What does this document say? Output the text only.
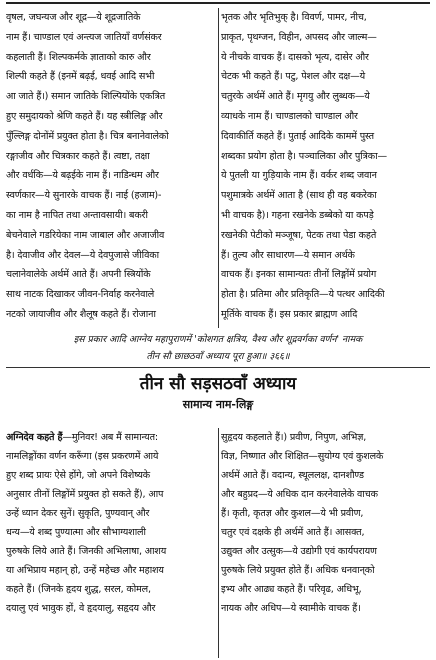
वृषल, जघन्यज और शूद्र—ये शूद्रजातिके
नाम हैं। चाण्डाल एवं अन्त्यज जातियाँ वर्णसंकर
कहलाती हैं। शिल्पकर्मके ज्ञाताको कारु और
शिल्पी कहते हैं (इनमें बढ़ई, धवई आदि सभी
आ जाते हैं।) समान जातिके शिल्पियोंके एकत्रित
हुए समुदायको श्रेणि कहते हैं। यह स्त्रीलिङ्ग और
पुँल्लिङ्ग दोनोंमें प्रयुक्त होता है। चित्र बनानेवालेको
रङ्गाजीव और चित्रकार कहते हैं। त्वष्टा, तक्षा
और वर्धकि—ये बढ़ईके नाम हैं। नाडिन्धम और
स्वर्णकार—ये सुनारके वाचक हैं। नाई (हजाम)-
का नाम है नापित तथा अन्तावसायी। बकरी
बेचनेवाले गडरियेका नाम जाबाल और अजाजीव
है। देवाजीव और देवल—ये देवपुजासे जीविका
चलानेवालेके अर्थमें आते हैं। अपनी स्त्रियोंके
साथ नाटक दिखाकर जीवन-निर्वाह करनेवाले
नटको जायाजीव और शैलूष कहते हैं। रोजाना
भृतक और भृतिभुक् है। विवर्ण, पामर, नीच,
प्राकृत, पृथग्जन, विहीन, अपसद और जाल्म—
ये नीचके वाचक हैं। दासको भृत्य, दासेर और
चेटक भी कहते हैं। पटु, पेशल और दक्ष—ये
चतुरके अर्थमें आते हैं। मृगयु और लुब्धक—ये
व्याधके नाम हैं। चाण्डालको चाण्डाल और
दिवाकीर्ति कहते हैं। पुताई आदिके काममें पुस्त
शब्दका प्रयोग होता है। पञ्चालिका और पुत्रिका—
ये पुतली या गुड़ियाके नाम हैं। वर्कर शब्द जवान
पशुमात्रके अर्थमें आता है (साथ ही वह बकरेका
भी वाचक है)। गहना रखनेके डब्बेको या कपड़े
रखनेकी पेटीको मञ्जूषा, पेटक तथा पेडा कहते
हैं। तुल्य और साधारण—ये समान अर्थके
वाचक हैं। इनका सामान्यतः तीनों लिङ्गोंमें प्रयोग
होता है। प्रतिमा और प्रतिकृति—ये पत्थर आदिकी
मूर्तिके वाचक हैं। इस प्रकार ब्राह्मण आदि
इस प्रकार आदि आग्नेय महापुराणमें 'कोशगत क्षत्रिय, वैश्य और शूद्रवर्गका वर्णन' नामक
तीन सौ छाछठवाँ अध्याय पूरा हुआ॥ ३६६॥
तीन सौ सड़सठवाँ अध्याय
सामान्य नाम-लिङ्ग
अग्निदेव कहते हैं—मुनिवर! अब मैं सामान्यत:
नामलिङ्गोंका वर्णन करूँगा (इस प्रकरणमें आये
हुए शब्द प्रायः ऐसे होंगे, जो अपने विशेष्यके
अनुसार तीनों लिङ्गोंमें प्रयुक्त हो सकते हैं), आप
उन्हें ध्यान देकर सुनें। सुकृति, पुण्यवान् और
धन्य—ये शब्द पुण्यात्मा और सौभाग्यशाली
पुरुषके लिये आते हैं। जिनकी अभिलाषा, आशय
या अभिप्राय महान् हो, उन्हें महेच्छ और महाशय
कहते हैं। (जिनके हृदय शुद्ध, सरल, कोमल,
दयालु एवं भावुक हों, वे हृदयालु, सहृदय और
सुहृदय कहलाते हैं।) प्रवीण, निपुण, अभिज्ञ,
विज्ञ, निष्णात और शिक्षित—सुयोग्य एवं कुशलके
अर्थमें आते हैं। वदान्य, स्थूललक्ष, दानशौण्ड
और बहुप्रद—ये अधिक दान करनेवालेके वाचक
हैं। कृती, कृतज्ञ और कुशल—ये भी प्रवीण,
चतुर एवं दक्षके ही अर्थमें आते हैं। आसक्त,
उद्युक्त और उत्सुक—ये उद्योगी एवं कार्यपरायण
पुरुषके लिये प्रयुक्त होते हैं। अधिक धनवान्‌को
इभ्य और आढ्य कहते हैं। परिवृढ, अधिभू,
नायक और अधिप—ये स्वामीके वाचक हैं।
